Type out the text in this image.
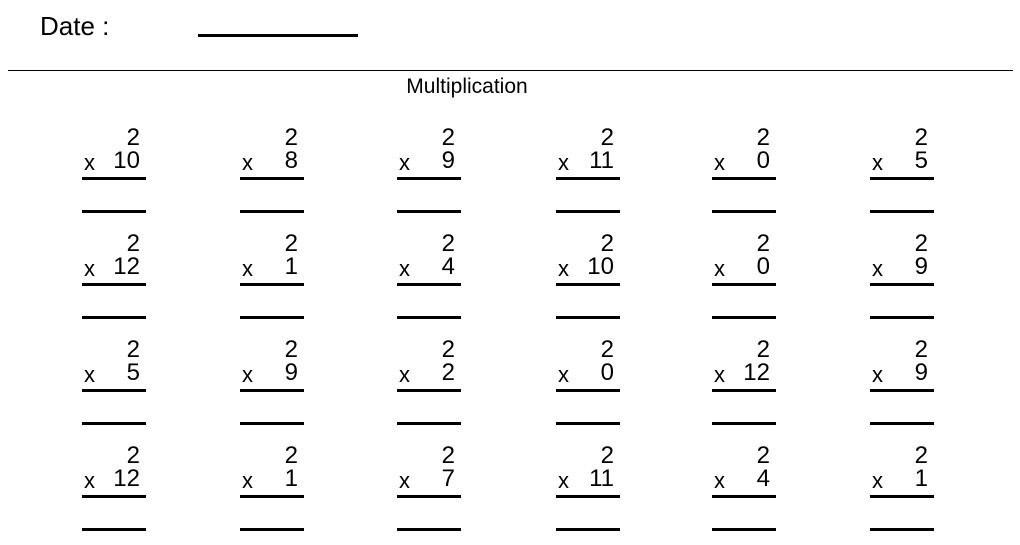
Date :
Multiplication
2
x 10
2
x 8
2
x 9
2
x 11
2
x 0
2
x 5
2
x 12
2
x 1
2
x 4
2
x 10
2
x 0
2
x 9
2
x 5
2
x 9
2
x 2
2
x 0
2
x 12
2
x 9
2
x 12
2
x 1
2
x 7
2
x 11
2
x 4
2
x 1
